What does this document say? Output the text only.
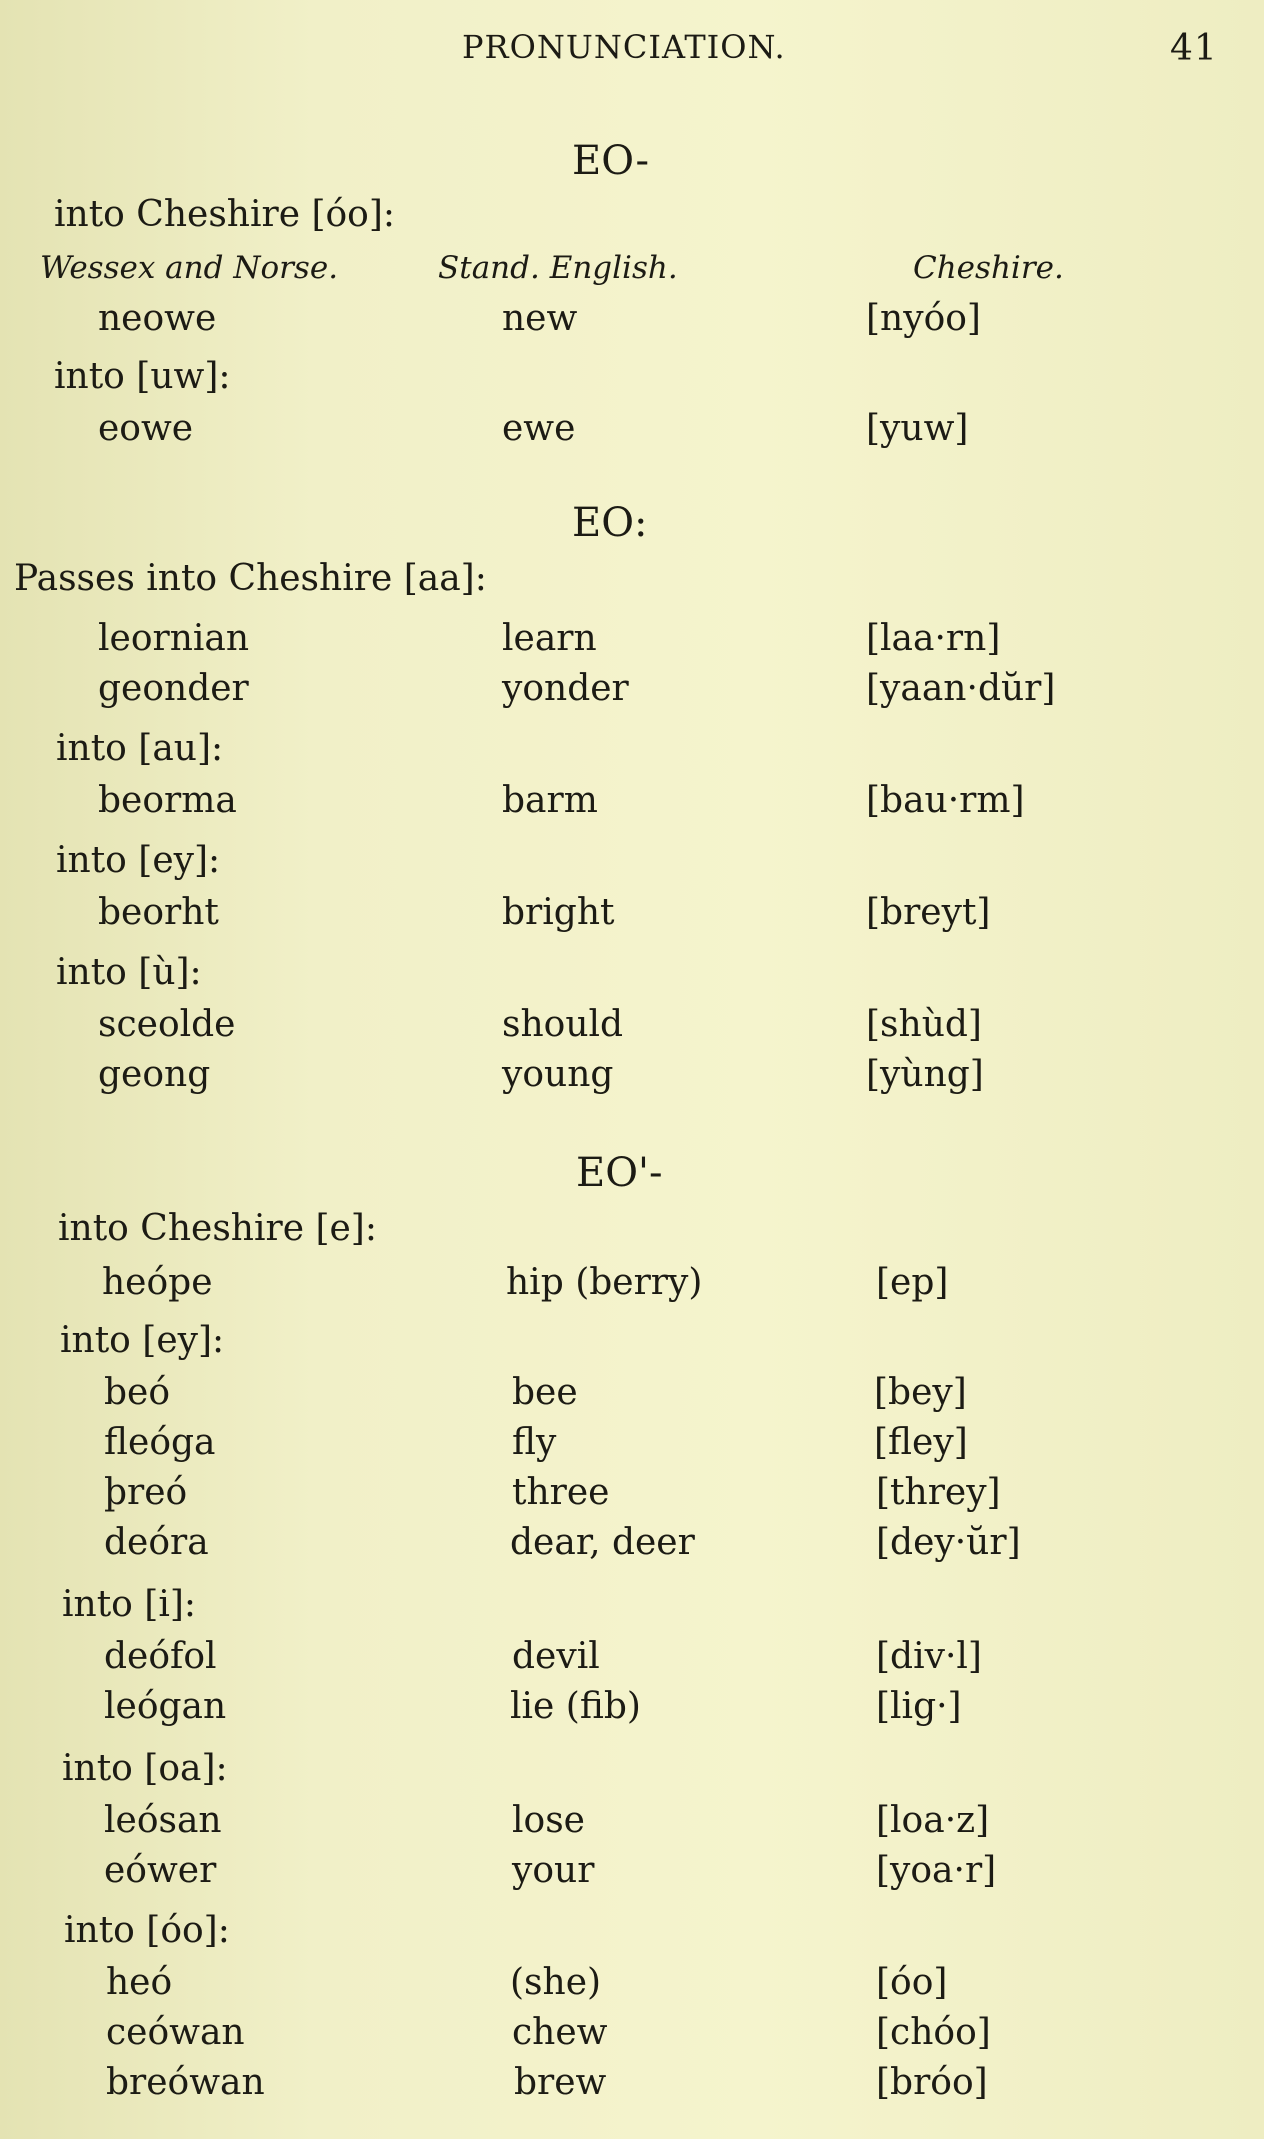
PRONUNCIATION.	41
EO-
into Cheshire [óo]:
Wessex and Norse.	Stand. English.	Cheshire.
neowe	new	[nyóo]
into [uw]:
eowe	ewe	[yuw]
EO:
Passes into Cheshire [aa]:
leornian	learn	[laa·rn]
geonder	yonder	[yaan·dŭr]
into [au]:
beorma	barm	[bau·rm]
into [ey]:
beorht	bright	[breyt]
into [ù]:
sceolde	should	[shùd]
geong	young	[yùng]
EO'-
into Cheshire [e]:
heópe	hip (berry)	[ep]
into [ey]:
beó	bee	[bey]
fleóga	fly	[fley]
þreó	three	[threy]
deóra	dear, deer	[dey·ŭr]
into [i]:
deófol	devil	[div·l]
leógan	lie (fib)	[lig·]
into [oa]:
leósan	lose	[loa·z]
eówer	your	[yoa·r]
into [óo]:
heó	(she)	[óo]
ceówan	chew	[chóo]
breówan	brew	[bróo]
